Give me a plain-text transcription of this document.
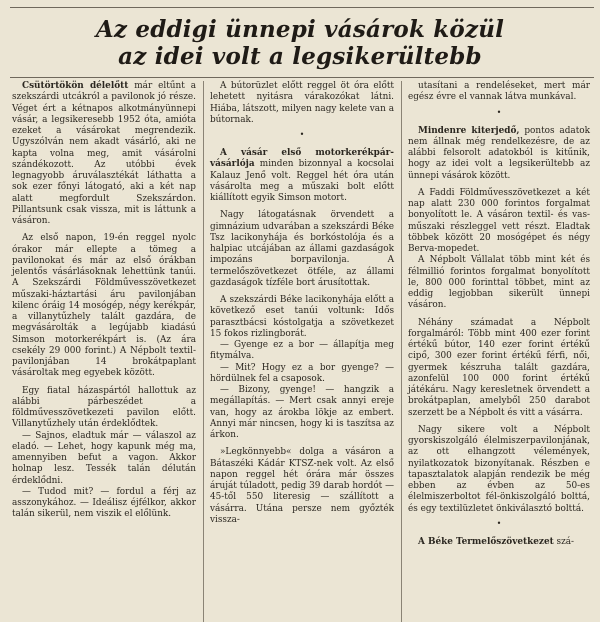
Az eddigi ünnepi vásárok közül
az idei volt a legsikerültebb

Csütörtökön délelőtt már eltűnt a szekszárdi utcákról a pavilonok jó része. Véget ért a kétnapos alkotmányünnepi vásár, a legsikeresebb 1952 óta, amióta ezeket a vásárokat megrendezik. Ugyszólván nem akadt vásárló, aki ne kapta volna meg, amit vásárolni szándékozott. Az utóbbi évek legnagyobb áruválasztékát láthatta a sok ezer főnyi látogató, aki a két nap alatt megfordult Szekszárdon. Pillantsunk csak vissza, mit is láttunk a vásáron.

Az első napon, 19-én reggel nyolc órakor már ellepte a tömeg a pavilonokat és már az első órákban jelentős vásárlásoknak lehettünk tanúi. A Szekszárdi Földművesszövetkezet műszaki-háztartási áru pavilonjában kilenc óráig 14 mosógép, négy kerékpár, a villanytűzhely talált gazdára, de megvásárolták a legújabb kiadású Simson motorkerékpárt is. (Az ára csekély 29 000 forint.) A Népbolt textil-pavilonjában 14 brokátpaplant vásároltak meg egyebek között.

Egy fiatal házaspártól hallottuk az alábbi párbeszédet a földművesszövetkezeti pavilon előtt. Villanytűzhely után érdeklődtek.

— Sajnos, eladtuk már — válaszol az eladó. — Lehet, hogy kapunk még ma, amennyiben befut a vagon. Akkor holnap lesz. Tessék talán délután érdeklődni.

— Tudod mit? — fordul a férj az asszonykához. — Ideálisz éjfélkor, akkor talán sikerül, nem viszik el előlünk.

A bútorüzlet előtt reggel öt óra előtt lehetett nyitásra várakozókat látni. Hiába, látszott, milyen nagy kelete van a bútornak.

•

A vásár első motorkerékpár-vásárlója minden bizonnyal a kocsolai Kalauz Jenő volt. Reggel hét óra után vásárolta meg a műszaki bolt előtt kiállított egyik Simson motort.

Nagy látogatásnak örvendett a gimnázium udvarában a szekszárdi Béke Tsz lacikonyhája és borkóstolója és a halpiac utcájában az állami gazdaságok impozáns borpavilonja. A termelőszövetkezet ötféle, az állami gazdaságok tízféle bort árusítottak.

A szekszárdi Béke lacikonyhája előtt a következő eset tanúi voltunk: Idős parasztbácsi kóstolgatja a szövetkezet 15 fokos rizlingborát.

— Gyenge ez a bor — állapítja meg fitymálva.

— Mit? Hogy ez a bor gyenge? — hördülnek fel a csaposok.

— Bizony, gyenge! — hangzik a megállapítás. — Mert csak annyi ereje van, hogy az árokba lökje az embert. Annyi már nincsen, hogy ki is taszítsa az árkon.

»Legkönnyebb« dolga a vásáron a Bátaszéki Kádár KTSZ-nek volt. Az első napon reggel hét órára már összes áruját túladott, pedig 39 darab hordót — 45-től 550 literesig — szállított a vásárra. Utána persze nem győzték vissza-

utasítani a rendeléseket, mert már egész évre el vannak látva munkával.

•

Mindenre kiterjedő, pontos adatok nem állnak még rendelkezésre, de az alábbi felsorolt adatokból is kitűnik, hogy az idei volt a legsikerültebb az ünnepi vásárok között.

A Faddi Földművesszövetkezet a két nap alatt 230 000 forintos forgalmat bonyolított le. A vásáron textil- és vas-műszaki részleggel vett részt. Eladtak többek között 20 mosógépet és négy Berva-mopedet.

A Népbolt Vállalat több mint két és félmillió forintos forgalmat bonyolított le, 800 000 forinttal többet, mint az eddig legjobban sikerült ünnepi vásáron.

Néhány számadat a Népbolt forgalmáról: Több mint 400 ezer forint értékű bútor, 140 ezer forint értékű cipő, 300 ezer forint értékű férfi, női, gyermek készruha talált gazdára, azonfelül 100 000 forint értékű játékáru. Nagy keresletnek örvendett a brokátpaplan, amelyből 250 darabot szerzett be a Népbolt és vitt a vásárra.

Nagy sikere volt a Népbolt gyorskiszolgáló élelmiszerpavilonjának, az ott elhangzott vélemények, nyilatkozatok bizonyítanak. Részben e tapasztalatok alapján rendezik be még ebben az évben az 50-es élelmiszerboltot fél-önkiszolgáló bolttá, és egy textilüzletet önkiválasztó bolttá.

•

A Béke Termelőszövetkezet szá-
